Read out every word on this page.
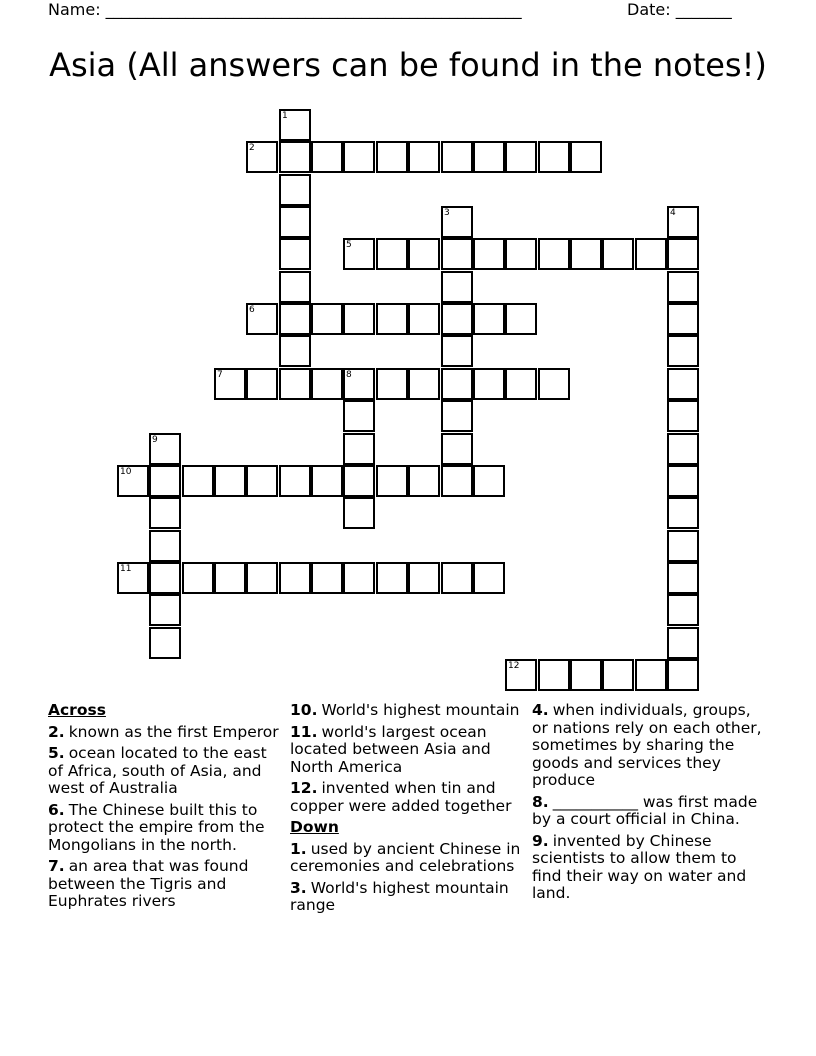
Name: ____________________________________________________	Date: _______
Asia (All answers can be found in the notes!)
1
2
3	4
5
6
7	8
9
10
11
12
Across
2. known as the first Emperor
5. ocean located to the east of Africa, south of Asia, and west of Australia
6. The Chinese built this to protect the empire from the Mongolians in the north.
7. an area that was found between the Tigris and Euphrates rivers
10. World's highest mountain
11. world's largest ocean located between Asia and North America
12. invented when tin and copper were added together
Down
1. used by ancient Chinese in ceremonies and celebrations
3. World's highest mountain range
4. when individuals, groups, or nations rely on each other, sometimes by sharing the goods and services they produce
8. ___________ was first made by a court official in China.
9. invented by Chinese scientists to allow them to find their way on water and land.
